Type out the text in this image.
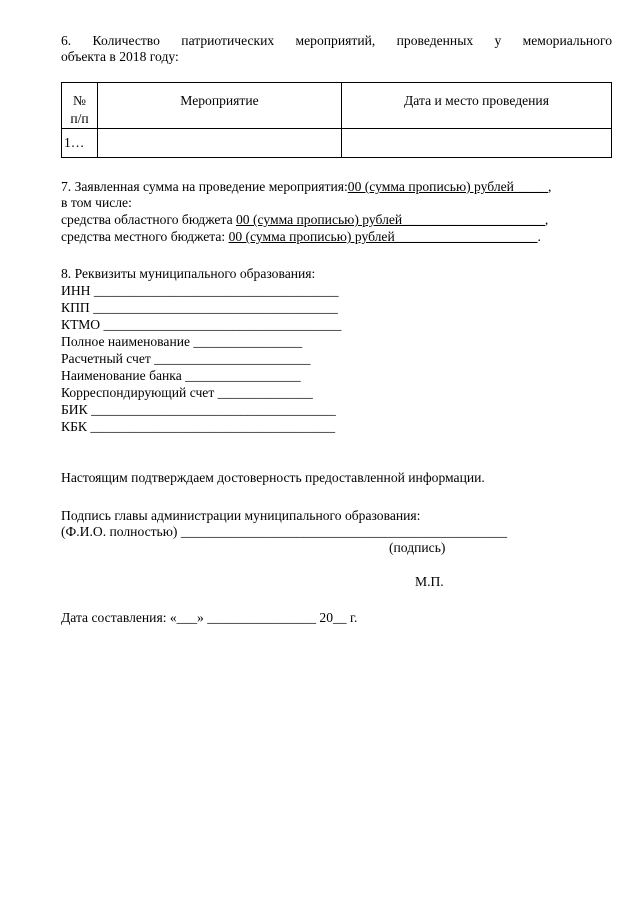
6. Количество патриотических мероприятий, проведенных у мемориального
объекта в 2018 году:
№
п/п	Мероприятие	Дата и место проведения

1…		
7. Заявленная сумма на проведение мероприятия:00 (сумма прописью) рублей_____,
в том числе:
средства областного бюджета 00 (сумма прописью) рублей_____________________,
средства местного бюджета: 00 (сумма прописью) рублей_____________________.
8. Реквизиты муниципального образования:
ИНН ____________________________________
КПП ____________________________________
КТМО ___________________________________
Полное наименование ________________
Расчетный счет _______________________
Наименование банка _________________
Корреспондирующий счет ______________
БИК ____________________________________
КБК ____________________________________
Настоящим подтверждаем достоверность предоставленной информации.
Подпись главы администрации муниципального образования:
(Ф.И.О. полностью) ________________________________________________
(подпись)
М.П.
Дата составления: «___» ________________ 20__ г.
